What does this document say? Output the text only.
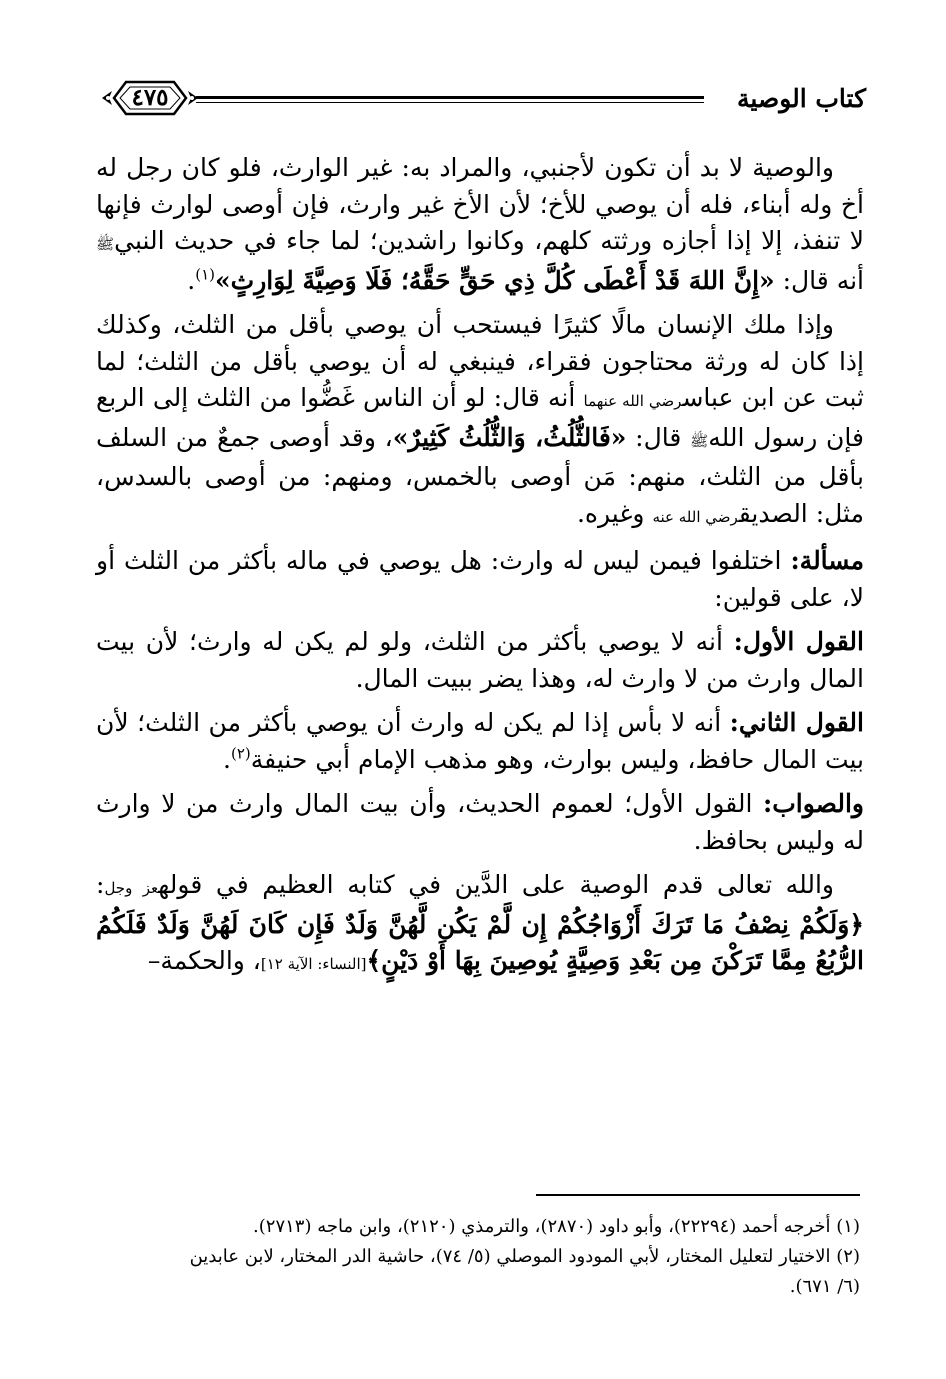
كتاب الوصية
٤٧٥

والوصية لا بد أن تكون لأجنبي، والمراد به: غير الوارث، فلو كان رجل له أخ وله أبناء، فله أن يوصي للأخ؛ لأن الأخ غير وارث، فإن أوصى لوارث فإنها لا تنفذ، إلا إذا أجازه ورثته كلهم، وكانوا راشدين؛ لما جاء في حديث النبيﷺ أنه قال: «إِنَّ اللهَ قَدْ أَعْطَى كُلَّ ذِي حَقٍّ حَقَّهُ؛ فَلَا وَصِيَّةَ لِوَارِثٍ»$^{(١)}$.

وإذا ملك الإنسان مالًا كثيرًا فيستحب أن يوصي بأقل من الثلث، وكذلك إذا كان له ورثة محتاجون فقراء، فينبغي له أن يوصي بأقل من الثلث؛ لما ثبت عن ابن عباسرضي الله عنهما أنه قال: لو أن الناس غَضُّوا من الثلث إلى الربع فإن رسول اللهﷺ قال: «فَالثُّلُثُ، وَالثُّلُثُ كَثِيرٌ»، وقد أوصى جمعٌ من السلف بأقل من الثلث، منهم: مَن أوصى بالخمس، ومنهم: من أوصى بالسدس، مثل: الصديقرضي الله عنه وغيره.

مسألة: اختلفوا فيمن ليس له وارث: هل يوصي في ماله بأكثر من الثلث أو لا، على قولين:

القول الأول: أنه لا يوصي بأكثر من الثلث، ولو لم يكن له وارث؛ لأن بيت المال وارث من لا وارث له، وهذا يضر ببيت المال.

القول الثاني: أنه لا بأس إذا لم يكن له وارث أن يوصي بأكثر من الثلث؛ لأن بيت المال حافظ، وليس بوارث، وهو مذهب الإمام أبي حنيفة$^{(٢)}$.

والصواب: القول الأول؛ لعموم الحديث، وأن بيت المال وارث من لا وارث له وليس بحافظ.

والله تعالى قدم الوصية على الدَّين في كتابه العظيم في قولهعز وجل: ﴿وَلَكُمْ نِصْفُ مَا تَرَكَ أَزْوَاجُكُمْ إِن لَّمْ يَكُن لَّهُنَّ وَلَدٌ فَإِن كَانَ لَهُنَّ وَلَدٌ فَلَكُمُ الرُّبُعُ مِمَّا تَرَكْنَ مِن بَعْدِ وَصِيَّةٍ يُوصِينَ بِهَا أَوْ دَيْنٍ﴾[النساء: الآية ١٢]، والحكمة–

(١) أخرجه أحمد (٢٢٢٩٤)، وأبو داود (٢٨٧٠)، والترمذي (٢١٢٠)، وابن ماجه (٢٧١٣).

(٢) الاختيار لتعليل المختار، لأبي المودود الموصلي (٥/ ٧٤)، حاشية الدر المختار، لابن عابدين
(٦/ ٦٧١).
